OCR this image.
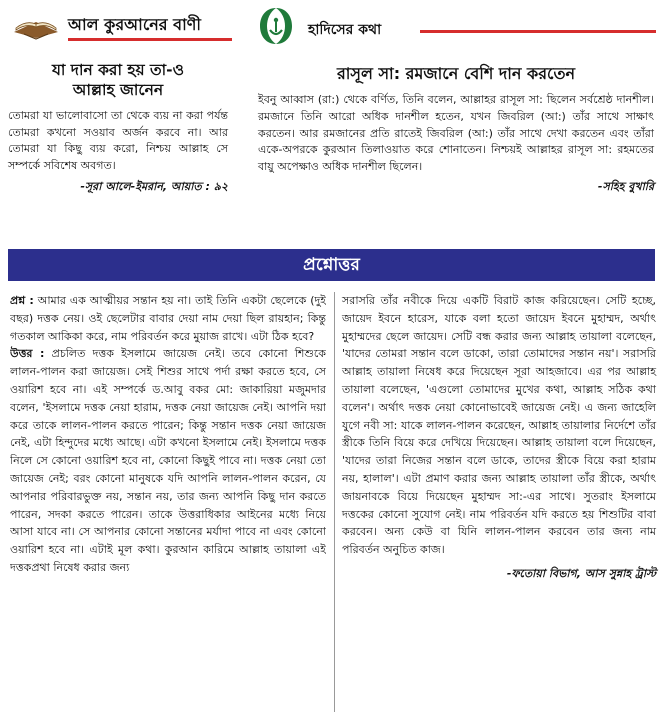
আল কুরআনের বাণী	হাদিসের কথা
যা দান করা হয় তা-ও
আল্লাহ জানেন
তোমরা যা ভালোবাসো তা থেকে ব্যয় না করা পর্যন্ত তোমরা কখনো সওয়াব অর্জন করবে না। আর তোমরা যা কিছু ব্যয় করো, নিশ্চয় আল্লাহ সে সম্পর্কে সবিশেষ অবগত।
-সূরা আলে-ইমরান, আয়াত : ৯২
রাসূল সা: রমজানে বেশি দান করতেন
ইবনু আব্বাস (রা:) থেকে বর্ণিত, তিনি বলেন, আল্লাহর রাসূল সা: ছিলেন সর্বশ্রেষ্ঠ দানশীল। রমজানে তিনি আরো অধিক দানশীল হতেন, যখন জিবরিল (আ:) তাঁর সাথে সাক্ষাৎ করতেন। আর রমজানের প্রতি রাতেই জিবরিল (আ:) তাঁর সাথে দেখা করতেন এবং তাঁরা একে-অপরকে কুরআন তিলাওয়াত করে শোনাতেন। নিশ্চয়ই আল্লাহর রাসূল সা: রহমতের বায়ু অপেক্ষাও অধিক দানশীল ছিলেন।
-সহিহ বুখারি
প্রশ্নোত্তর

প্রশ্ন : আমার এক আত্মীয়র সন্তান হয় না। তাই তিনি একটা ছেলেকে (দুই বছর) দত্তক নেয়। ওই ছেলেটার বাবার দেয়া নাম দেয়া ছিল রায়হান; কিন্তু গতকাল আকিকা করে, নাম পরিবর্তন করে মুয়াজ রাখে। এটা ঠিক হবে?

উত্তর : প্রচলিত দত্তক ইসলামে জায়েজ নেই। তবে কোনো শিশুকে লালন-পালন করা জায়েজ। সেই শিশুর সাথে পর্দা রক্ষা করতে হবে, সে ওয়ারিশ হবে না। এই সম্পর্কে ড.আবু বকর মো: জাকারিয়া মজুমদার বলেন, 'ইসলামে দত্তক নেয়া হারাম, দত্তক নেয়া জায়েজ নেই। আপনি দয়া করে তাকে লালন-পালন করতে পারেন; কিন্তু সন্তান দত্তক নেয়া জায়েজ নেই, এটা হিন্দুদের মধ্যে আছে। এটা কখনো ইসলামে নেই। ইসলামে দত্তক নিলে সে কোনো ওয়ারিশ হবে না, কোনো কিছুই পাবে না। দত্তক নেয়া তো জায়েজ নেই; বরং কোনো মানুষকে যদি আপনি লালন-পালন করেন, যে আপনার পরিবারভুক্ত নয়, সন্তান নয়, তার জন্য আপনি কিছু দান করতে পারেন, সদকা করতে পারেন। তাকে উত্তরাধিকার আইনের মধ্যে নিয়ে আসা যাবে না। সে আপনার কোনো সন্তানের মর্যাদা পাবে না এবং কোনো ওয়ারিশ হবে না। এটাই মূল কথা। কুরআন কারিমে আল্লাহ তায়ালা এই দত্তকপ্রথা নিষেধ করার জন্য

সরাসরি তাঁর নবীকে দিয়ে একটি বিরাট কাজ করিয়েছেন। সেটি হচ্ছে, জায়েদ ইবনে হারেস, যাকে বলা হতো জায়েদ ইবনে মুহাম্মদ, অর্থাৎ মুহাম্মদের ছেলে জায়েদ। সেটি বন্ধ করার জন্য আল্লাহ তায়ালা বলেছেন, 'যাদের তোমরা সন্তান বলে ডাকো, তারা তোমাদের সন্তান নয়'। সরাসরি আল্লাহ তায়ালা নিষেধ করে দিয়েছেন সূরা আহজাবে। এর পর আল্লাহ তায়ালা বলেছেন, 'এগুলো তোমাদের মুখের কথা, আল্লাহ সঠিক কথা বলেন'। অর্থাৎ দত্তক নেয়া কোনোভাবেই জায়েজ নেই। এ জন্য জাহেলি যুগে নবী সা: যাকে লালন-পালন করেছেন, আল্লাহ তায়ালার নির্দেশে তাঁর স্ত্রীকে তিনি বিয়ে করে দেখিয়ে দিয়েছেন। আল্লাহ তায়ালা বলে দিয়েছেন, 'যাদের তারা নিজের সন্তান বলে ডাকে, তাদের স্ত্রীকে বিয়ে করা হারাম নয়, হালাল'। এটা প্রমাণ করার জন্য আল্লাহ তায়ালা তাঁর স্ত্রীকে, অর্থাৎ জায়নাবকে বিয়ে দিয়েছেন মুহাম্মদ সা:-এর সাথে। সুতরাং ইসলামে দত্তকের কোনো সুযোগ নেই। নাম পরিবর্তন যদি করতে হয় শিশুটির বাবা করবেন। অন্য কেউ বা যিনি লালন-পালন করবেন তার জন্য নাম পরিবর্তন অনুচিত কাজ।

-ফতোয়া বিভাগ, আস সুন্নাহ ট্রাস্ট
